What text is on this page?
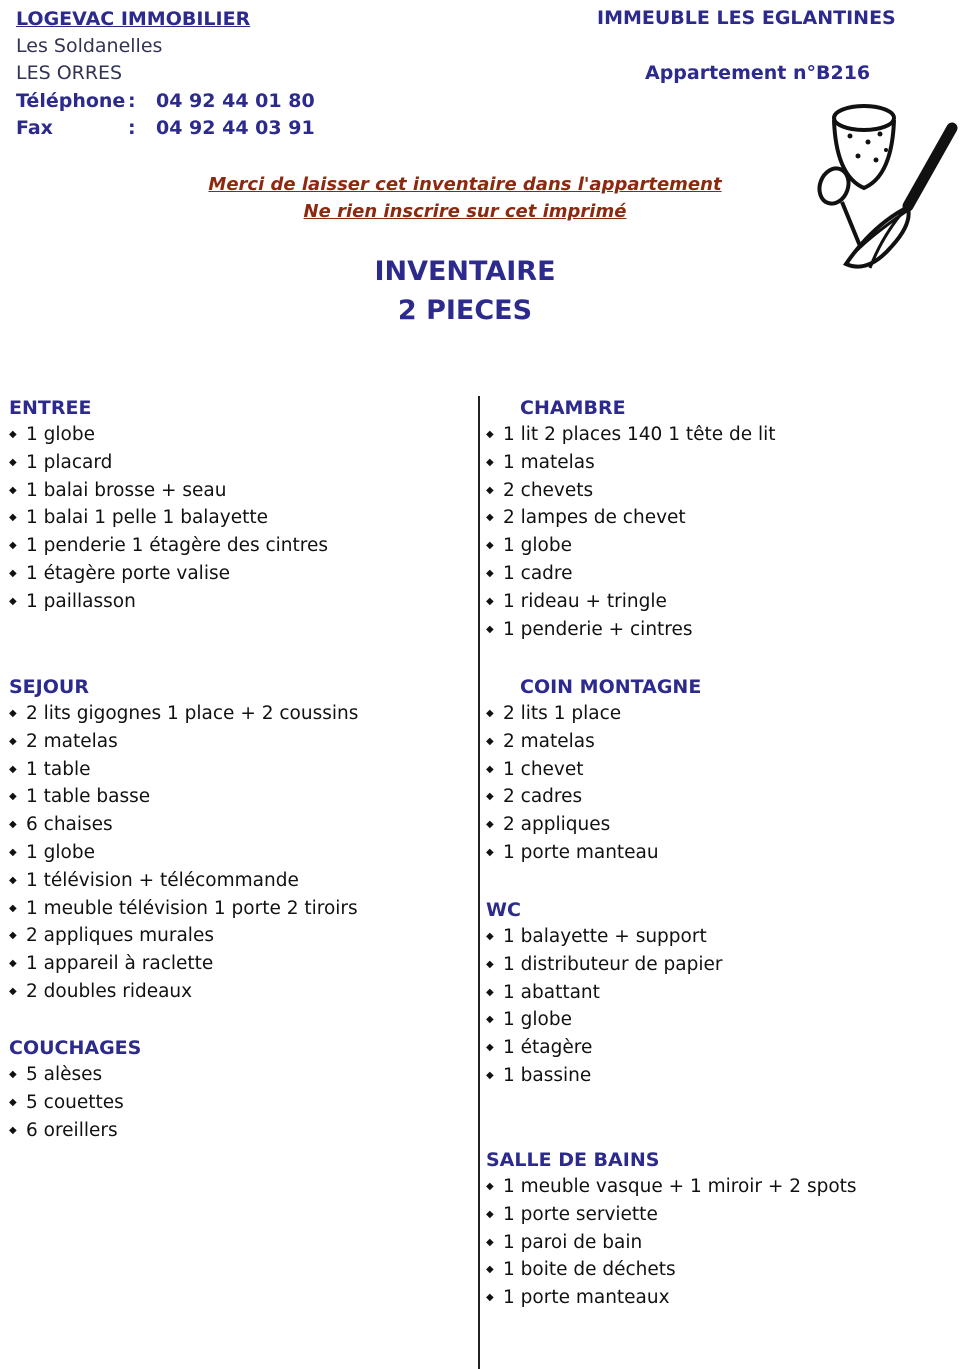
LOGEVAC IMMOBILIER
Les Soldanelles
LES ORRES
Téléphone : 04 92 44 01 80
Fax	: 04 92 44 03 91
IMMEUBLE LES EGLANTINES
Appartement n°B216
Merci de laisser cet inventaire dans l'appartement
Ne rien inscrire sur cet imprimé
INVENTAIRE
2 PIECES
ENTREE
◆ 1 globe
◆ 1 placard
◆ 1 balai brosse + seau
◆ 1 balai 1 pelle 1 balayette
◆ 1 penderie 1 étagère des cintres
◆ 1 étagère porte valise
◆ 1 paillasson
SEJOUR
◆ 2 lits gigognes 1 place + 2 coussins
◆ 2 matelas
◆ 1 table
◆ 1 table basse
◆ 6 chaises
◆ 1 globe
◆ 1 télévision + télécommande
◆ 1 meuble télévision 1 porte 2 tiroirs
◆ 2 appliques murales
◆ 1 appareil à raclette
◆ 2 doubles rideaux
COUCHAGES
◆ 5 alèses
◆ 5 couettes
◆ 6 oreillers
CHAMBRE
◆ 1 lit 2 places 140 1 tête de lit
◆ 1 matelas
◆ 2 chevets
◆ 2 lampes de chevet
◆ 1 globe
◆ 1 cadre
◆ 1 rideau + tringle
◆ 1 penderie + cintres
COIN MONTAGNE
◆ 2 lits 1 place
◆ 2 matelas
◆ 1 chevet
◆ 2 cadres
◆ 2 appliques
◆ 1 porte manteau
WC
◆ 1 balayette + support
◆ 1 distributeur de papier
◆ 1 abattant
◆ 1 globe
◆ 1 étagère
◆ 1 bassine
SALLE DE BAINS
◆ 1 meuble vasque + 1 miroir + 2 spots
◆ 1 porte serviette
◆ 1 paroi de bain
◆ 1 boite de déchets
◆ 1 porte manteaux
